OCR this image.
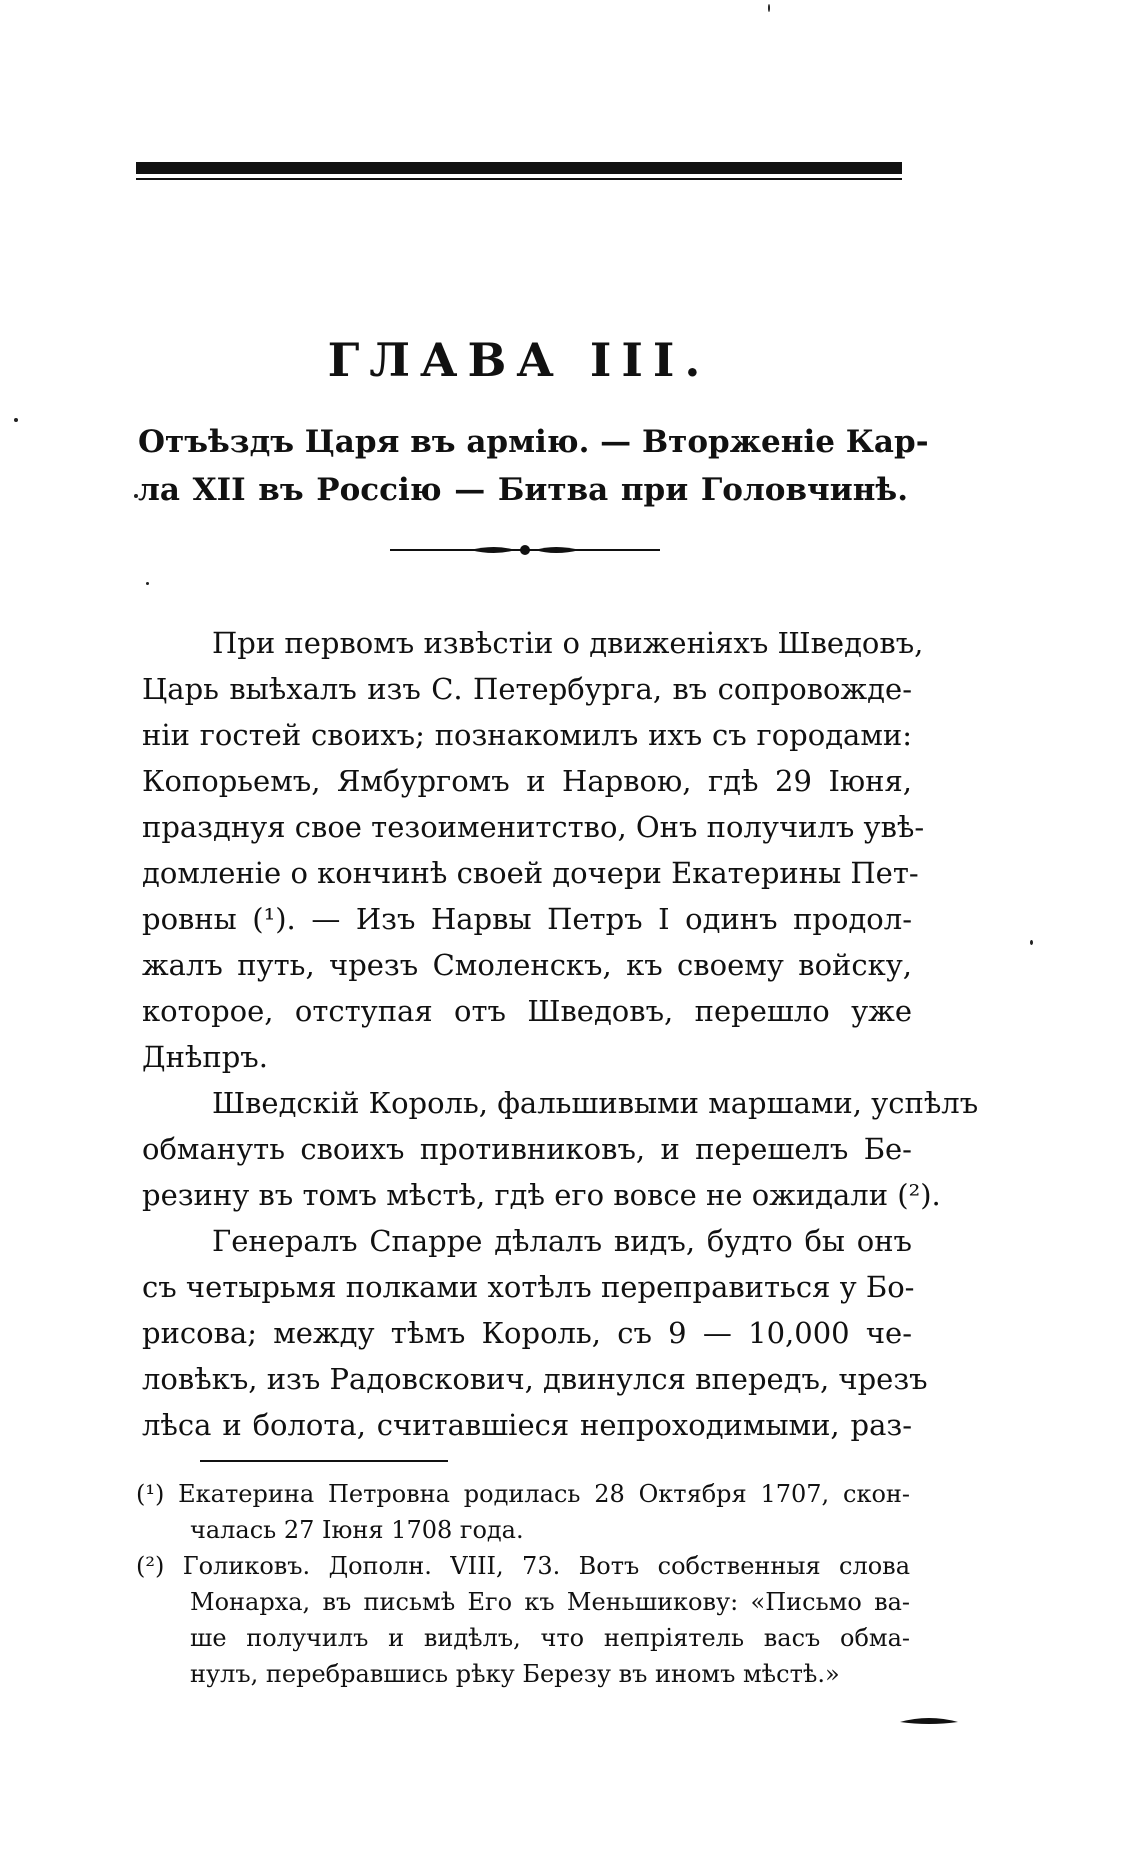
ГЛАВА III.
Отъѣздъ Царя въ армію. — Вторженіе Кар-
ла XII въ Россію — Битва при Головчинѣ.
При первомъ извѣстіи о движеніяхъ Шведовъ,
Царь выѣхалъ изъ С. Петербурга, въ сопровожде-
ніи гостей своихъ; познакомилъ ихъ съ городами:
Копорьемъ, Ямбургомъ и Нарвою, гдѣ 29 Іюня,
празднуя свое тезоименитство, Онъ получилъ увѣ-
домленіе о кончинѣ своей дочери Екатерины Пет-
ровны (¹). — Изъ Нарвы Петръ I одинъ продол-
жалъ путь, чрезъ Смоленскъ, къ своему войску,
которое, отступая отъ Шведовъ, перешло уже
Днѣпръ.
Шведскій Король, фальшивыми маршами, успѣлъ
обмануть своихъ противниковъ, и перешелъ Бе-
резину въ томъ мѣстѣ, гдѣ его вовсе не ожидали (²).
Генералъ Спарре дѣлалъ видъ, будто бы онъ
съ четырьмя полками хотѣлъ переправиться у Бо-
рисова; между тѣмъ Король, съ 9 — 10,000 че-
ловѣкъ, изъ Радовскович, двинулся впередъ, чрезъ
лѣса и болота, считавшіеся непроходимыми, раз-
(¹) Екатерина Петровна родилась 28 Октября 1707, скон-
чалась 27 Іюня 1708 года.
(²) Голиковъ. Дополн. VIII, 73. Вотъ собственныя слова
Монарха, въ письмѣ Его къ Меньшикову: «Письмо ва-
ше получилъ и видѣлъ, что непріятель васъ обма-
нулъ, перебравшись рѣку Березу въ иномъ мѣстѣ.»
